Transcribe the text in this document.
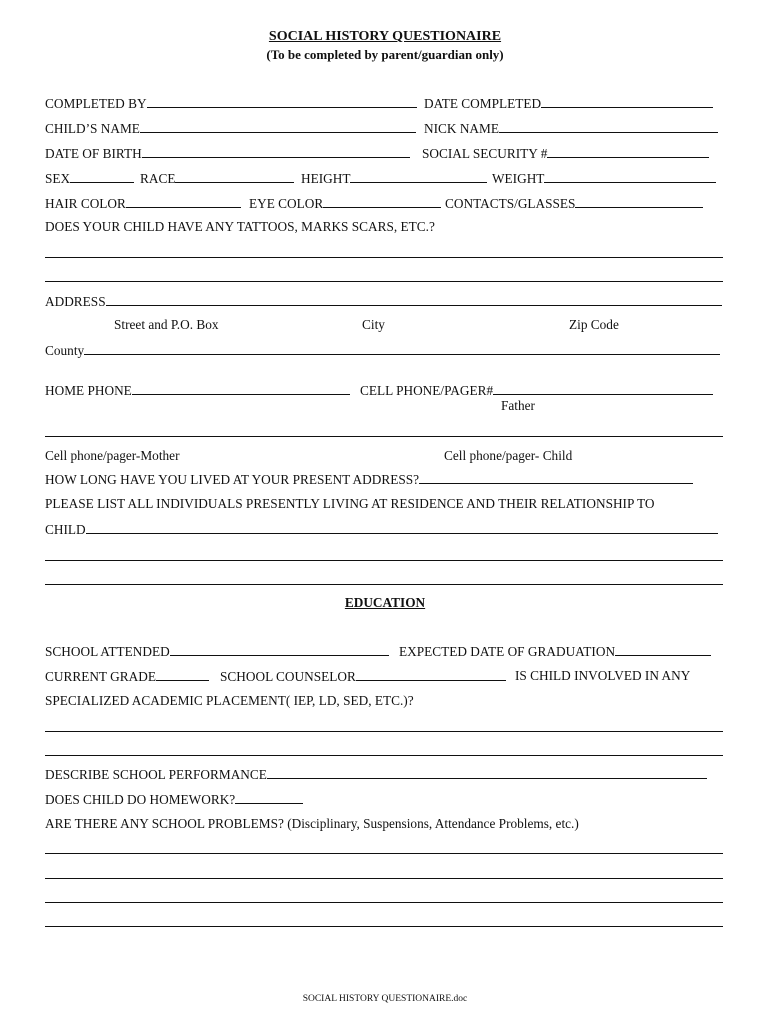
SOCIAL HISTORY QUESTIONAIRE
(To be completed by parent/guardian only)
COMPLETED BY	DATE COMPLETED
CHILD’S NAME	NICK NAME
DATE OF BIRTH	SOCIAL SECURITY #
SEX	RACE	HEIGHT	WEIGHT
HAIR COLOR	EYE COLOR	CONTACTS/GLASSES
DOES YOUR CHILD HAVE ANY TATTOOS, MARKS SCARS, ETC.?
ADDRESS
Street and P.O. Box	City	Zip Code
County
HOME PHONE	CELL PHONE/PAGER#
Father
Cell phone/pager-Mother	Cell phone/pager- Child
HOW LONG HAVE YOU LIVED AT YOUR PRESENT ADDRESS?
PLEASE LIST ALL INDIVIDUALS PRESENTLY LIVING AT RESIDENCE AND THEIR RELATIONSHIP TO
CHILD
EDUCATION
SCHOOL ATTENDED	EXPECTED DATE OF GRADUATION
CURRENT GRADE	SCHOOL COUNSELOR	IS CHILD INVOLVED IN ANY
SPECIALIZED ACADEMIC PLACEMENT( IEP, LD, SED, ETC.)?
DESCRIBE SCHOOL PERFORMANCE
DOES CHILD DO HOMEWORK?
ARE THERE ANY SCHOOL PROBLEMS? (Disciplinary, Suspensions, Attendance Problems, etc.)
SOCIAL HISTORY QUESTIONAIRE.doc
